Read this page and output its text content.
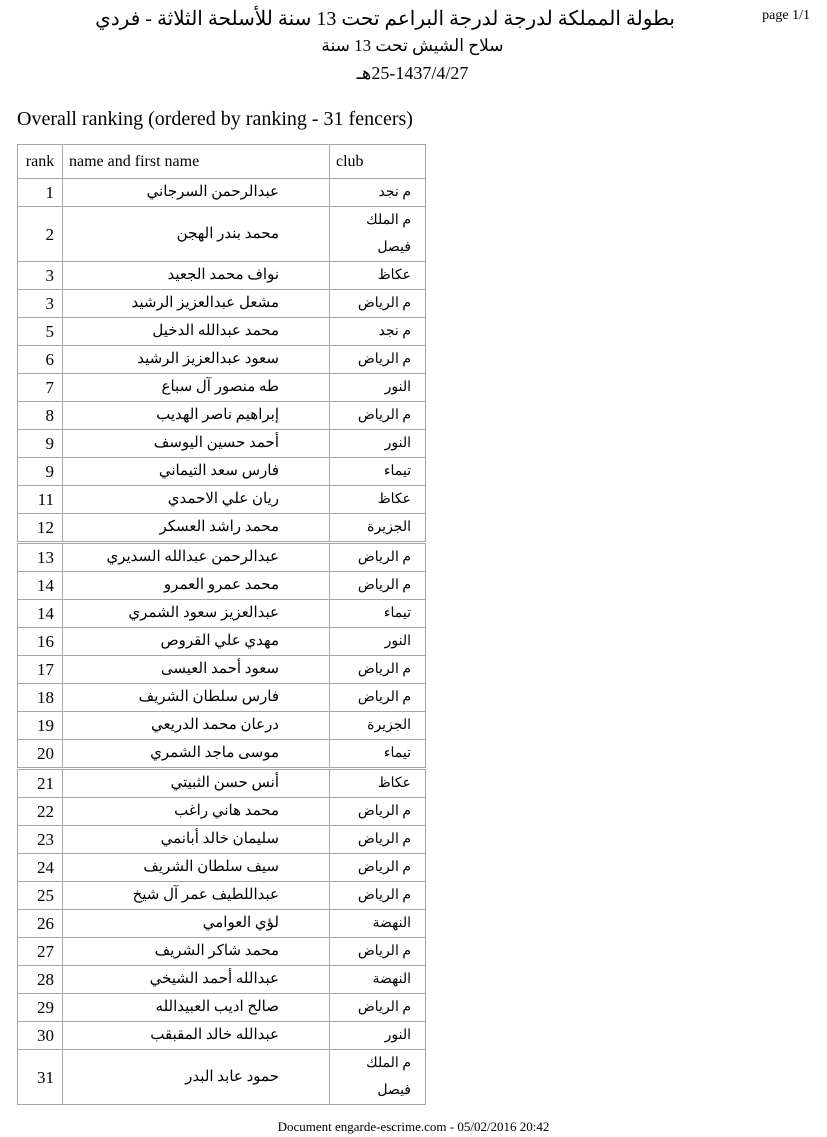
page 1/1
بطولة المملكة لدرجة لدرجة البراعم تحت 13 سنة للأسلحة الثلاثة - فردي
سلاح الشيش تحت 13 سنة
25-1437/4/27هـ
Overall ranking (ordered by ranking - 31 fencers)
rank	name and first name	club
1	عبدالرحمن السرجاني	م نجد
2	محمد بندر الهجن	م الملك فيصل
3	نواف محمد الجعيد	عكاظ
3	مشعل عبدالعزيز الرشيد	م الرياض
5	محمد عبدالله الدخيل	م نجد
6	سعود عبدالعزيز الرشيد	م الرياض
7	طه منصور آل سباع	النور
8	إبراهيم ناصر الهديب	م الرياض
9	أحمد حسين اليوسف	النور
9	فارس سعد التيماني	تيماء
11	ريان علي الاحمدي	عكاظ
12	محمد راشد العسكر	الجزيرة
13	عبدالرحمن عبدالله السديري	م الرياض
14	محمد عمرو العمرو	م الرياض
14	عبدالعزيز سعود الشمري	تيماء
16	مهدي علي القروص	النور
17	سعود أحمد العيسى	م الرياض
18	فارس سلطان الشريف	م الرياض
19	درعان محمد الدريعي	الجزيرة
20	موسى ماجد الشمري	تيماء
21	أنس حسن الثبيتي	عكاظ
22	محمد هاني راغب	م الرياض
23	سليمان خالد أبانمي	م الرياض
24	سيف سلطان الشريف	م الرياض
25	عبداللطيف عمر آل شيخ	م الرياض
26	لؤي العوامي	النهضة
27	محمد شاكر الشريف	م الرياض
28	عبدالله أحمد الشيخي	النهضة
29	صالح اديب العبيدالله	م الرياض
30	عبدالله خالد المقبقب	النور
31	حمود عابد البدر	م الملك فيصل
Document engarde-escrime.com - 05/02/2016 20:42
